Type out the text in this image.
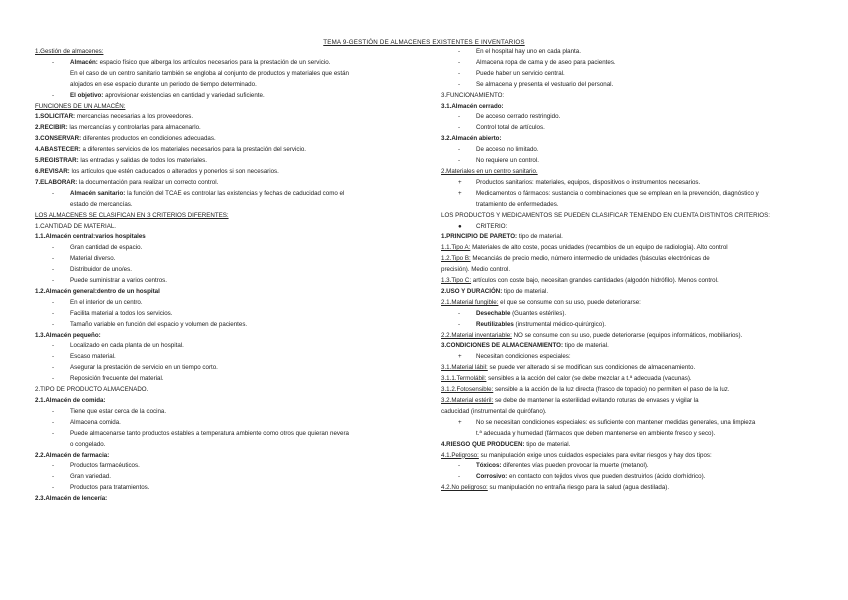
TEMA 9-GESTIÓN DE ALMACENES EXISTENTES E INVENTARIOS
1.Gestión de almacenes:
-	Almacén: espacio físico que alberga los artículos necesarios para la prestación de un servicio.
En el caso de un centro sanitario también se engloba al conjunto de productos y materiales que están
alojados en ese espacio durante un periodo de tiempo determinado.
-	El objetivo: aprovisionar existencias en cantidad y variedad suficiente.
FUNCIONES DE UN ALMACÉN:
1.SOLICITAR: mercancías necesarias a los proveedores.
2.RECIBIR: las mercancías y controlarlas para almacenarlo.
3.CONSERVAR: diferentes productos en condiciones adecuadas.
4.ABASTECER: a diferentes servicios de los materiales necesarios para la prestación del servicio.
5.REGISTRAR: las entradas y salidas de todos los materiales.
6.REVISAR: los artículos que estén caducados o alterados y ponerlos si son necesarios.
7.ELABORAR: la documentación para realizar un correcto control.
-	Almacén sanitario: la función del TCAE es controlar las existencias y fechas de caducidad como el
estado de mercancías.
LOS ALMACENES SE CLASIFICAN EN 3 CRITERIOS DIFERENTES:
1.CANTIDAD DE MATERIAL.
1.1.Almacén central:varios hospitales
-	Gran cantidad de espacio.
-	Material diverso.
-	Distribuidor de uno/es.
-	Puede suministrar a varios centros.
1.2.Almacén general:dentro de un hospital
-	En el interior de un centro.
-	Facilita material a todos los servicios.
-	Tamaño variable en función del espacio y volumen de pacientes.
1.3.Almacén pequeño:
-	Localizado en cada planta de un hospital.
-	Escaso material.
-	Asegurar la prestación de servicio en un tiempo corto.
-	Reposición frecuente del material.
2.TIPO DE PRODUCTO ALMACENADO.
2.1.Almacén de comida:
-	Tiene que estar cerca de la cocina.
-	Almacena comida.
-	Puede almacenarse tanto productos estables a temperatura ambiente como otros que quieran nevera
o congelado.
2.2.Almacén de farmacia:
-	Productos farmacéuticos.
-	Gran variedad.
-	Productos para tratamientos.
2.3.Almacén de lencería:
-	En el hospital hay uno en cada planta.
-	Almacena ropa de cama y de aseo para pacientes.
-	Puede haber un servicio central.
-	Se almacena y presenta el vestuario del personal.
3.FUNCIONAMIENTO:
3.1.Almacén cerrado:
-	De acceso cerrado restringido.
-	Control total de artículos.
3.2.Almacén abierto:
-	De acceso no limitado.
-	No requiere un control.
2.Materiales en un centro sanitario.
+ Productos sanitarios: materiales, equipos, dispositivos o instrumentos necesarios.
+ Medicamentos o fármacos: sustancia o combinaciones que se emplean en la prevención, diagnóstico y
tratamiento de enfermedades.
LOS PRODUCTOS Y MEDICAMENTOS SE PUEDEN CLASIFICAR TENIENDO EN CUENTA DISTINTOS CRITERIOS:
● CRITERIO:
1.PRINCIPIO DE PARETO: tipo de material.
1.1.Tipo A: Materiales de alto coste, pocas unidades (recambios de un equipo de radiología). Alto control
1.2.Tipo B: Mecanciás de precio medio, número intermedio de unidades (básculas electrónicas de
precisión). Medio control.
1.3.Tipo C: artículos con coste bajo, necesitan grandes cantidades (algodón hidrófilo). Menos control.
2.USO Y DURACIÓN: tipo de material.
2.1.Material fungible: el que se consume con su uso, puede deteriorarse:
-	Desechable (Guantes estériles).
-	Reutilizables (instrumental médico-quirúrgico).
2.2.Material inventariable: NO se consume con su uso, puede deteriorarse (equipos informáticos, mobiliarios).
3.CONDICIONES DE ALMACENAMIENTO: tipo de material.
+ Necesitan condiciones especiales:
3.1.Material lábil: se puede ver alterado si se modifican sus condiciones de almacenamiento.
3.1.1.Termolábil: sensibles a la acción del calor (se debe mezclar a t.ª adecuada (vacunas).
3.1.2.Fotosensible: sensible a la acción de la luz directa (frasco de topacio) no permiten el paso de la luz.
3.2.Material estéril: se debe de mantener la esterilidad evitando roturas de envases y vigilar la
caducidad (instrumental de quirófano).
+ No se necesitan condiciones especiales: es suficiente con mantener medidas generales, una limpieza
t.ª adecuada y humedad (fármacos que deben mantenerse en ambiente fresco y seco).
4.RIESGO QUE PRODUCEN: tipo de material.
4.1.Peligroso: su manipulación exige unos cuidados especiales para evitar riesgos y hay dos tipos:
-	Tóxicos: diferentes vías pueden provocar la muerte (metanol).
-	Corrosivo: en contacto con tejidos vivos que pueden destruirlos (ácido clorhídrico).
4.2.No peligroso: su manipulación no entraña riesgo para la salud (agua destilada).
